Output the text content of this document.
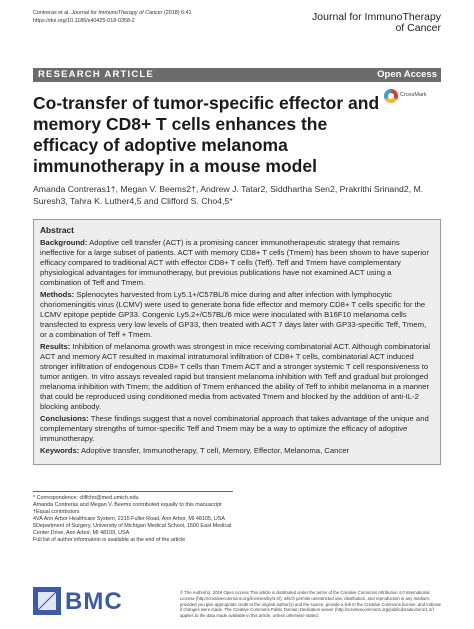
Contreras et al. Journal for ImmunoTherapy of Cancer (2018) 6:41
https://doi.org/10.1186/s40425-018-0358-2	Journal for ImmunoTherapy
of Cancer
RESEARCH ARTICLE	Open Access
CrossMark
Co-transfer of tumor-specific effector and memory CD8+ T cells enhances the efficacy of adoptive melanoma immunotherapy in a mouse model
Amanda Contreras1†, Megan V. Beems2†, Andrew J. Tatar2, Siddhartha Sen2, Prakrithi Srinand2, M. Suresh3, Tahra K. Luther4,5 and Clifford S. Cho4,5*
Abstract

Background: Adoptive cell transfer (ACT) is a promising cancer immunotherapeutic strategy that remains ineffective for a large subset of patients. ACT with memory CD8+ T cells (Tmem) has been shown to have superior efficacy compared to traditional ACT with effector CD8+ T cells (Teff). Teff and Tmem have complementary physiological advantages for immunotherapy, but previous publications have not examined ACT using a combination of Teff and Tmem.

Methods: Splenocytes harvested from Ly5.1+/C57BL/6 mice during and after infection with lymphocytic choriomeningitis virus (LCMV) were used to generate bona fide effector and memory CD8+ T cells specific for the LCMV epitope peptide GP33. Congenic Ly5.2+/C57BL/6 mice were inoculated with B16F10 melanoma cells transfected to express very low levels of GP33, then treated with ACT 7 days later with GP33-specific Teff, Tmem, or a combination of Teff + Tmem.

Results: Inhibition of melanoma growth was strongest in mice receiving combinatorial ACT. Although combinatorial ACT and memory ACT resulted in maximal intratumoral infiltration of CD8+ T cells, combinatorial ACT induced stronger infiltration of endogenous CD8+ T cells than Tmem ACT and a stronger systemic T cell responsiveness to tumor antigen. In vitro assays revealed rapid but transient melanoma inhibition with Teff and gradual but prolonged melanoma inhibition with Tmem; the addition of Tmem enhanced the ability of Teff to inhibit melanoma in a manner that could be reproduced using conditioned media from activated Tmem and blocked by the addition of anti-IL-2 blocking antibody.

Conclusions: These findings suggest that a novel combinatorial approach that takes advantage of the unique and complementary strengths of tumor-specific Teff and Tmem may be a way to optimize the efficacy of adoptive immunotherapy.

Keywords: Adoptive transfer, Immunotherapy, T cell, Memory, Effector, Melanoma, Cancer

* Correspondence: cliffcho@med.umich.edu
Amanda Contreras and Megan V. Beems contributed equally to this manuscript
†Equal contributors
4VA Ann Arbor Healthcare System, 2215 Fuller Road, Ann Arbor, MI 48105, USA
5Department of Surgery, University of Michigan Medical School, 1500 East Medical Center Drive, Ann Arbor, MI 48109, USA
Full list of author information is available at the end of the article
BMC	© The Author(s). 2018 Open Access This article is distributed under the terms of the Creative Commons Attribution 4.0 International License (http://creativecommons.org/licenses/by/4.0/), which permits unrestricted use, distribution, and reproduction in any medium, provided you give appropriate credit to the original author(s) and the source, provide a link to the Creative Commons license, and indicate if changes were made. The Creative Commons Public Domain Dedication waiver (http://creativecommons.org/publicdomain/zero/1.0/) applies to the data made available in this article, unless otherwise stated.
